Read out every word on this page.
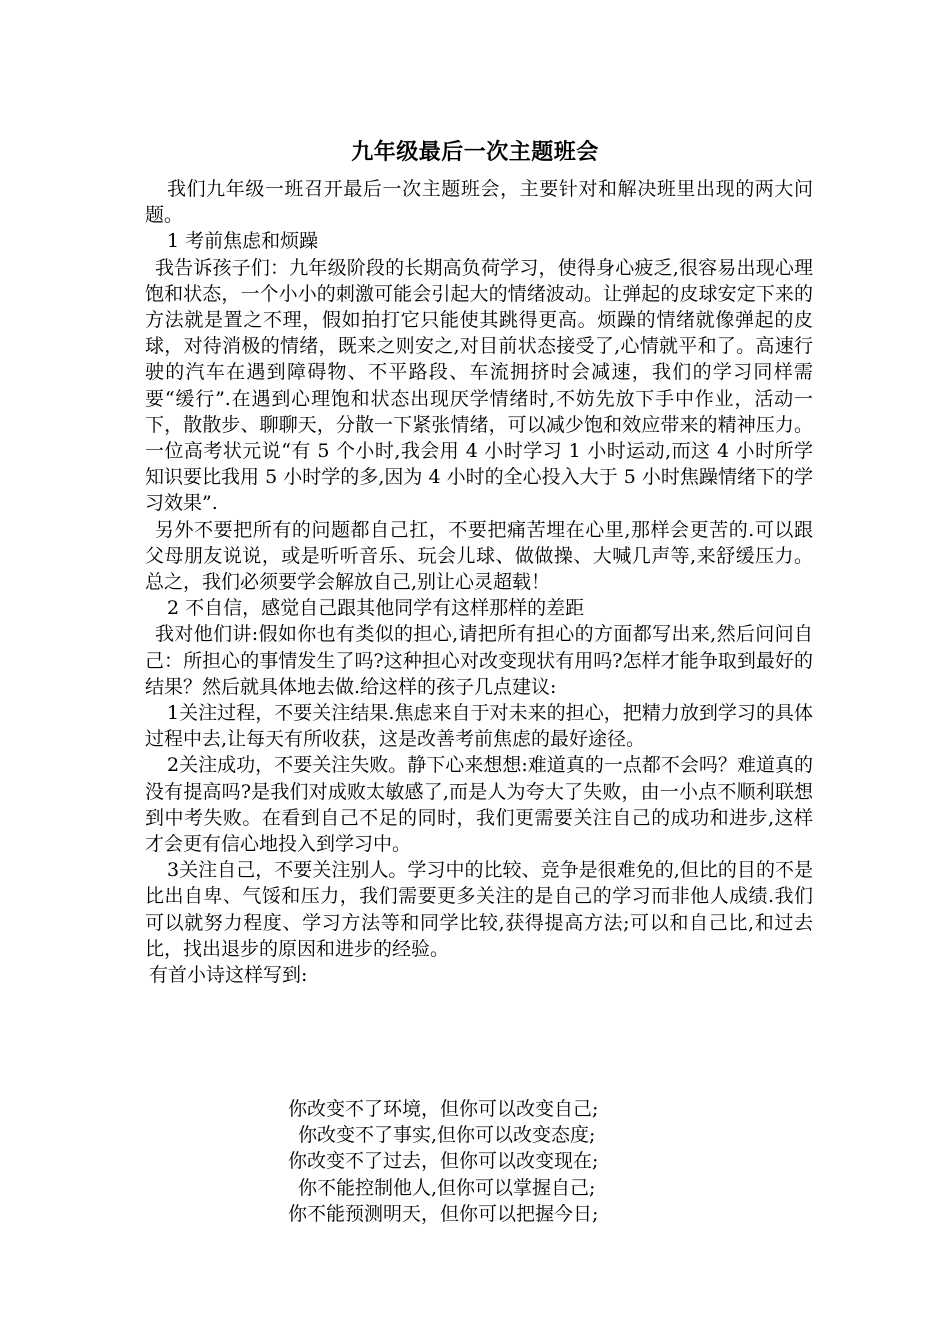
九年级最后一次主题班会

我们九年级一班召开最后一次主题班会，主要针对和解决班里出现的两大问题。

1 考前焦虑和烦躁

我告诉孩子们：九年级阶段的长期高负荷学习，使得身心疲乏,很容易出现心理饱和状态，一个小小的刺激可能会引起大的情绪波动。让弹起的皮球安定下来的方法就是置之不理，假如拍打它只能使其跳得更高。烦躁的情绪就像弹起的皮球，对待消极的情绪，既来之则安之,对目前状态接受了,心情就平和了。高速行驶的汽车在遇到障碍物、不平路段、车流拥挤时会减速，我们的学习同样需要“缓行”.在遇到心理饱和状态出现厌学情绪时,不妨先放下手中作业，活动一下，散散步、聊聊天，分散一下紧张情绪，可以减少饱和效应带来的精神压力。一位高考状元说“有 5 个小时,我会用 4 小时学习 1 小时运动,而这 4 小时所学知识要比我用 5 小时学的多,因为 4 小时的全心投入大于 5 小时焦躁情绪下的学习效果”.

另外不要把所有的问题都自己扛，不要把痛苦埋在心里,那样会更苦的.可以跟父母朋友说说，或是听听音乐、玩会儿球、做做操、大喊几声等,来舒缓压力。总之，我们必须要学会解放自己,别让心灵超载！

2 不自信，感觉自己跟其他同学有这样那样的差距

我对他们讲:假如你也有类似的担心,请把所有担心的方面都写出来,然后问问自己：所担心的事情发生了吗?这种担心对改变现状有用吗?怎样才能争取到最好的结果？然后就具体地去做.给这样的孩子几点建议:

1关注过程，不要关注结果.焦虑来自于对未来的担心，把精力放到学习的具体过程中去,让每天有所收获，这是改善考前焦虑的最好途径。

2关注成功，不要关注失败。静下心来想想:难道真的一点都不会吗？难道真的没有提高吗?是我们对成败太敏感了,而是人为夸大了失败，由一小点不顺利联想到中考失败。在看到自己不足的同时，我们更需要关注自己的成功和进步,这样才会更有信心地投入到学习中。

3关注自己，不要关注别人。学习中的比较、竞争是很难免的,但比的目的不是比出自卑、气馁和压力，我们需要更多关注的是自己的学习而非他人成绩.我们可以就努力程度、学习方法等和同学比较,获得提高方法;可以和自己比,和过去比，找出退步的原因和进步的经验。

有首小诗这样写到:

你改变不了环境，但你可以改变自己;

你改变不了事实,但你可以改变态度;

你改变不了过去，但你可以改变现在;

你不能控制他人,但你可以掌握自己;

你不能预测明天，但你可以把握今日;
